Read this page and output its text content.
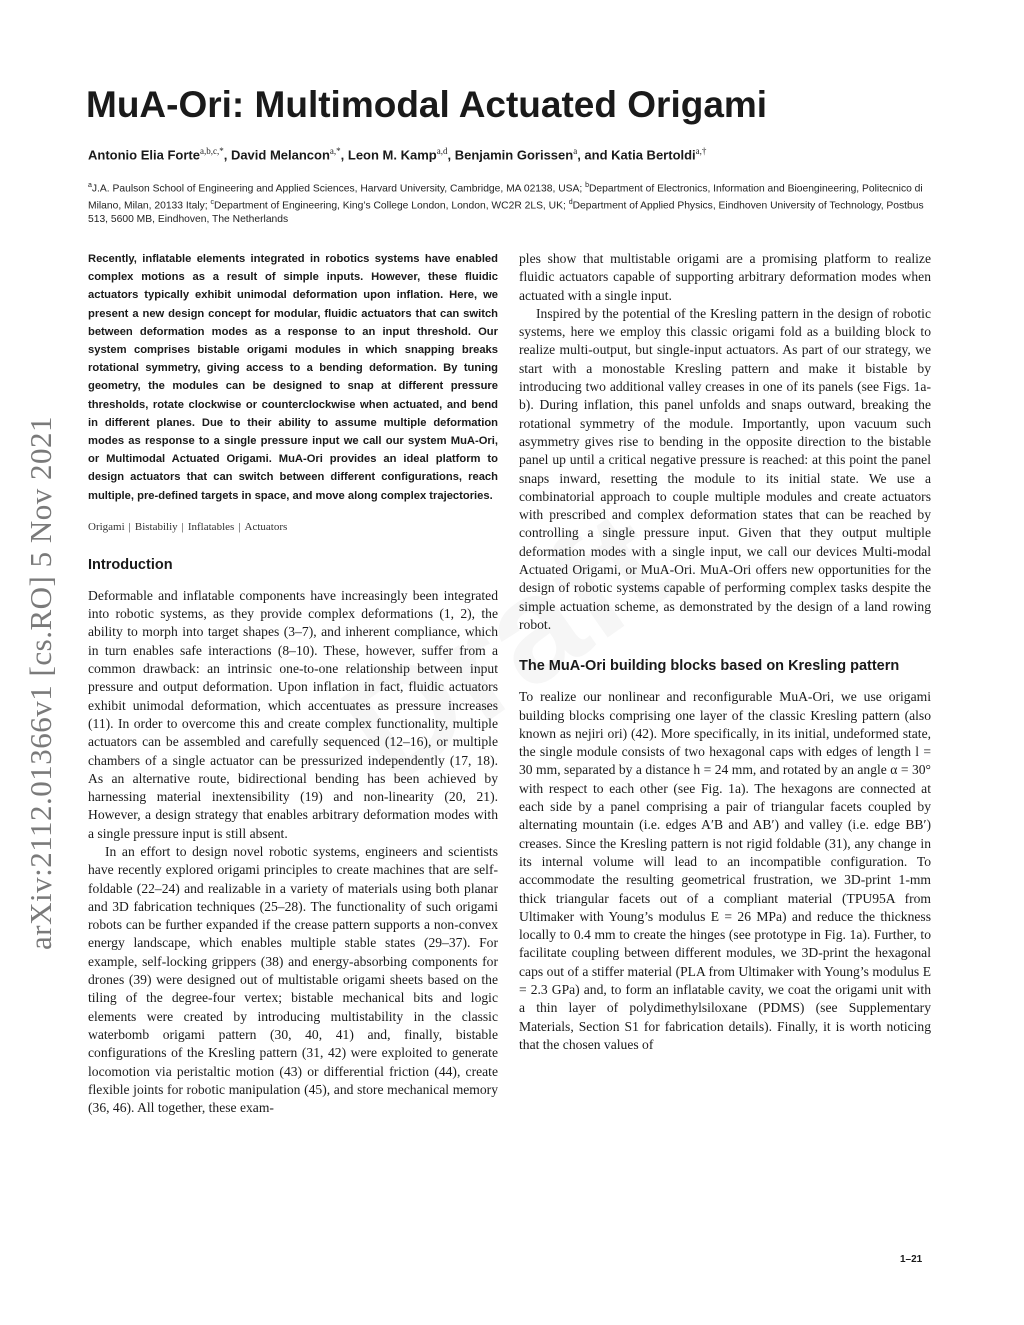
arXiv:2112.01366v1 [cs.RO] 5 Nov 2021
MuA-Ori: Multimodal Actuated Origami
Antonio Elia Forte$^{a,b,c,*}$, David Melancon$^{a,*}$, Leon M. Kamp$^{a,d}$, Benjamin Gorissen$^a$, and Katia Bertoldi$^{a,\dagger}$
$^a$J.A. Paulson School of Engineering and Applied Sciences, Harvard University, Cambridge, MA 02138, USA; $^b$Department of Electronics, Information and Bioengineering, Politecnico di Milano, Milan, 20133 Italy; $^c$Department of Engineering, King’s College London, London, WC2R 2LS, UK; $^d$Department of Applied Physics, Eindhoven University of Technology, Postbus 513, 5600 MB, Eindhoven, The Netherlands

Recently, inflatable elements integrated in robotics systems have enabled complex motions as a result of simple inputs. However, these fluidic actuators typically exhibit unimodal deformation upon inflation. Here, we present a new design concept for modular, fluidic actuators that can switch between deformation modes as a response to an input threshold. Our system comprises bistable origami modules in which snapping breaks rotational symmetry, giving access to a bending deformation. By tuning geometry, the modules can be designed to snap at different pressure thresholds, rotate clockwise or counterclockwise when actuated, and bend in different planes. Due to their ability to assume multiple deformation modes as response to a single pressure input we call our system MuA-Ori, or Multimodal Actuated Origami. MuA-Ori provides an ideal platform to design actuators that can switch between different configurations, reach multiple, pre-defined targets in space, and move along complex trajectories.

Origami | Bistabiliy | Inflatables | Actuators
Introduction

Deformable and inflatable components have increasingly been integrated into robotic systems, as they provide complex deformations (1, 2), the ability to morph into target shapes (3–7), and inherent compliance, which in turn enables safe interactions (8–10). These, however, suffer from a common drawback: an intrinsic one-to-one relationship between input pressure and output deformation. Upon inflation in fact, fluidic actuators exhibit unimodal deformation, which accentuates as pressure increases (11). In order to overcome this and create complex functionality, multiple actuators can be assembled and carefully sequenced (12–16), or multiple chambers of a single actuator can be pressurized independently (17, 18). As an alternative route, bidirectional bending has been achieved by harnessing material inextensibility (19) and non-linearity (20, 21). However, a design strategy that enables arbitrary deformation modes with a single pressure input is still absent.

In an effort to design novel robotic systems, engineers and scientists have recently explored origami principles to create machines that are self-foldable (22–24) and realizable in a variety of materials using both planar and 3D fabrication techniques (25–28). The functionality of such origami robots can be further expanded if the crease pattern supports a non-convex energy landscape, which enables multiple stable states (29–37). For example, self-locking grippers (38) and energy-absorbing components for drones (39) were designed out of multistable origami sheets based on the tiling of the degree-four vertex; bistable mechanical bits and logic elements were created by introducing multistability in the classic waterbomb origami pattern (30, 40, 41) and, finally, bistable configurations of the Kresling pattern (31, 42) were exploited to generate locomotion via peristaltic motion (43) or differential friction (44), create flexible joints for robotic manipulation (45), and store mechanical memory (36, 46). All together, these exam-

ples show that multistable origami are a promising platform to realize fluidic actuators capable of supporting arbitrary deformation modes when actuated with a single input.

Inspired by the potential of the Kresling pattern in the design of robotic systems, here we employ this classic origami fold as a building block to realize multi-output, but single-input actuators. As part of our strategy, we start with a monostable Kresling pattern and make it bistable by introducing two additional valley creases in one of its panels (see Figs. 1a-b). During inflation, this panel unfolds and snaps outward, breaking the rotational symmetry of the module. Importantly, upon vacuum such asymmetry gives rise to bending in the opposite direction to the bistable panel up until a critical negative pressure is reached: at this point the panel snaps inward, resetting the module to its initial state. We use a combinatorial approach to couple multiple modules and create actuators with prescribed and complex deformation states that can be reached by controlling a single pressure input. Given that they output multiple deformation modes with a single input, we call our devices Multi-modal Actuated Origami, or MuA-Ori. MuA-Ori offers new opportunities for the design of robotic systems capable of performing complex tasks despite the simple actuation scheme, as demonstrated by the design of a land rowing robot.

The MuA-Ori building blocks based on Kresling pattern

To realize our nonlinear and reconfigurable MuA-Ori, we use origami building blocks comprising one layer of the classic Kresling pattern (also known as nejiri ori) (42). More specifically, in its initial, undeformed state, the single module consists of two hexagonal caps with edges of length l = 30 mm, separated by a distance h = 24 mm, and rotated by an angle α = 30° with respect to each other (see Fig. 1a). The hexagons are connected at each side by a panel comprising a pair of triangular facets coupled by alternating mountain (i.e. edges A′B and AB′) and valley (i.e. edge BB′) creases. Since the Kresling pattern is not rigid foldable (31), any change in its internal volume will lead to an incompatible configuration. To accommodate the resulting geometrical frustration, we 3D-print 1-mm thick triangular facets out of a compliant material (TPU95A from Ultimaker with Young’s modulus E = 26 MPa) and reduce the thickness locally to 0.4 mm to create the hinges (see prototype in Fig. 1a). Further, to facilitate coupling between different modules, we 3D-print the hexagonal caps out of a stiffer material (PLA from Ultimaker with Young’s modulus E = 2.3 GPa) and, to form an inflatable cavity, we coat the origami unit with a thin layer of polydimethylsiloxane (PDMS) (see Supplementary Materials, Section S1 for fabrication details). Finally, it is worth noticing that the chosen values of

1–21
